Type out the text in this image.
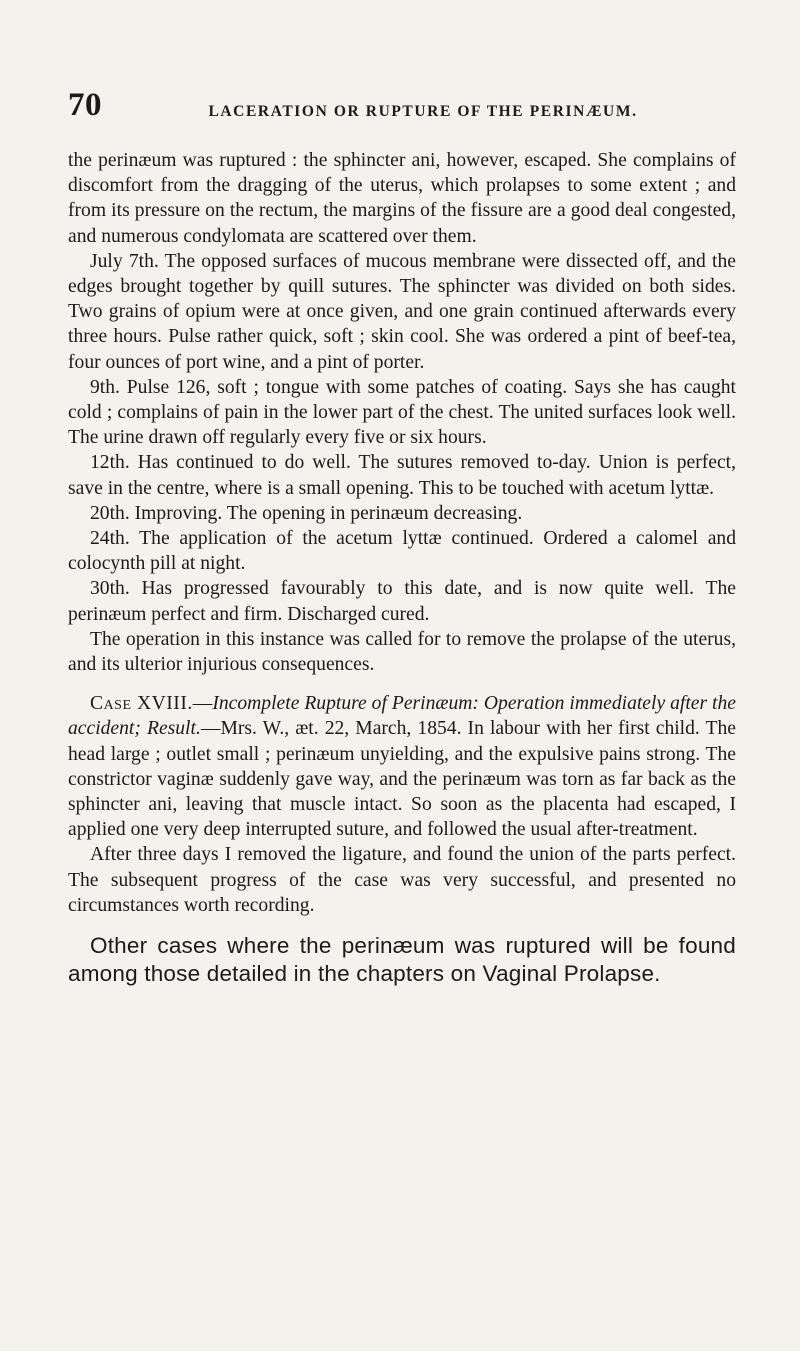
70	LACERATION OR RUPTURE OF THE PERINÆUM.

the perinæum was ruptured : the sphincter ani, however, escaped. She complains of discomfort from the dragging of the uterus, which prolapses to some extent ; and from its pressure on the rectum, the margins of the fissure are a good deal congested, and numerous condylomata are scattered over them.

July 7th. The opposed surfaces of mucous membrane were dissected off, and the edges brought together by quill sutures. The sphincter was divided on both sides. Two grains of opium were at once given, and one grain continued afterwards every three hours. Pulse rather quick, soft ; skin cool. She was ordered a pint of beef-tea, four ounces of port wine, and a pint of porter.

9th. Pulse 126, soft ; tongue with some patches of coating. Says she has caught cold ; complains of pain in the lower part of the chest. The united surfaces look well. The urine drawn off regularly every five or six hours.

12th. Has continued to do well. The sutures removed to-day. Union is perfect, save in the centre, where is a small opening. This to be touched with acetum lyttæ.

20th. Improving. The opening in perinæum decreasing.

24th. The application of the acetum lyttæ continued. Ordered a calomel and colocynth pill at night.

30th. Has progressed favourably to this date, and is now quite well. The perinæum perfect and firm. Discharged cured.

The operation in this instance was called for to remove the prolapse of the uterus, and its ulterior injurious consequences.

Case XVIII.—Incomplete Rupture of Perinæum: Operation immediately after the accident; Result.—Mrs. W., æt. 22, March, 1854. In labour with her first child. The head large ; outlet small ; perinæum unyielding, and the expulsive pains strong. The constrictor vaginæ suddenly gave way, and the perinæum was torn as far back as the sphincter ani, leaving that muscle intact. So soon as the placenta had escaped, I applied one very deep interrupted suture, and followed the usual after-treatment.

After three days I removed the ligature, and found the union of the parts perfect. The subsequent progress of the case was very successful, and presented no circumstances worth recording.

Other cases where the perinæum was ruptured will be found among those detailed in the chapters on Vaginal Prolapse.
